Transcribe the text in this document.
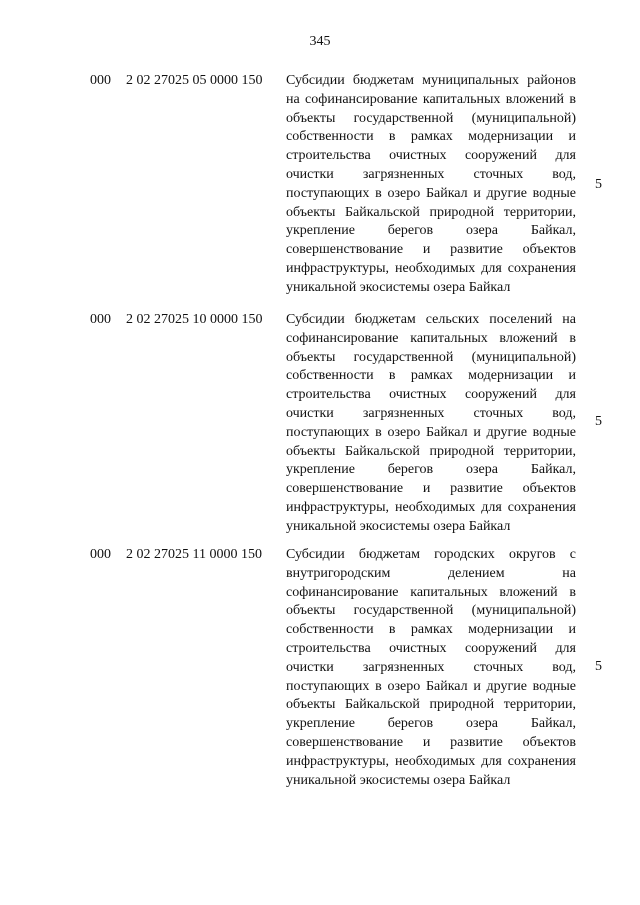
345
000 2 02 27025 05 0000 150 Субсидии бюджетам муниципальных районов на софинансирование капитальных вложений в объекты государственной (муниципальной) собственности в рамках модернизации и строительства очистных сооружений для очистки загрязненных сточных вод, поступающих в озеро Байкал и другие водные объекты Байкальской природной территории, укрепление берегов озера Байкал, совершенствование и развитие объектов инфраструктуры, необходимых для сохранения уникальной экосистемы озера Байкал
5
000 2 02 27025 10 0000 150 Субсидии бюджетам сельских поселений на софинансирование капитальных вложений в объекты государственной (муниципальной) собственности в рамках модернизации и строительства очистных сооружений для очистки загрязненных сточных вод, поступающих в озеро Байкал и другие водные объекты Байкальской природной территории, укрепление берегов озера Байкал, совершенствование и развитие объектов инфраструктуры, необходимых для сохранения уникальной экосистемы озера Байкал
5
000 2 02 27025 11 0000 150 Субсидии бюджетам городских округов с внутригородским делением на софинансирование капитальных вложений в объекты государственной (муниципальной) собственности в рамках модернизации и строительства очистных сооружений для очистки загрязненных сточных вод, поступающих в озеро Байкал и другие водные объекты Байкальской природной территории, укрепление берегов озера Байкал, совершенствование и развитие объектов инфраструктуры, необходимых для сохранения уникальной экосистемы озера Байкал
5
